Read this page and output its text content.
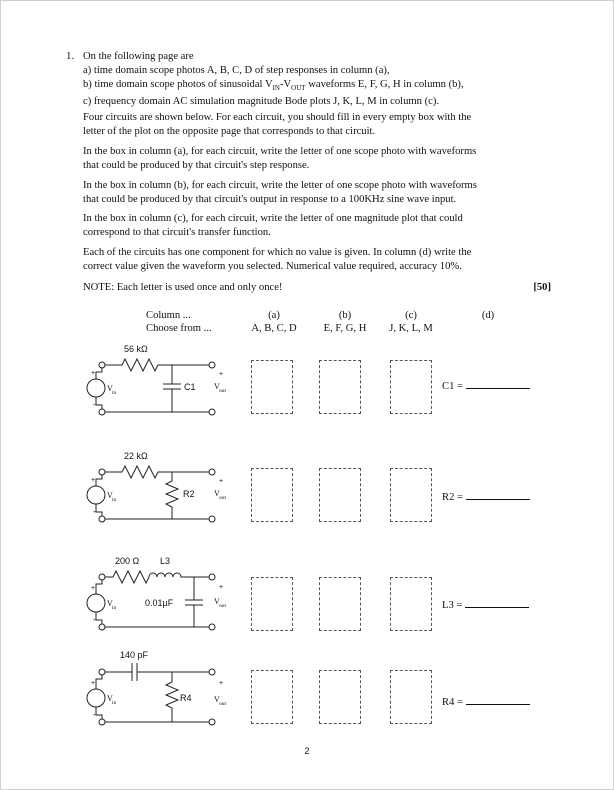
1. On the following page are
a) time domain scope photos A, B, C, D of step responses in column (a),
b) time domain scope photos of sinusoidal $V_{IN}-V_{OUT}$ waveforms E, F, G, H in column (b),
c) frequency domain AC simulation magnitude Bode plots J, K, L, M in column (c).

Four circuits are shown below. For each circuit, you should fill in every empty box with the
letter of the plot on the opposite page that corresponds to that circuit.

In the box in column (a), for each circuit, write the letter of one scope photo with waveforms
that could be produced by that circuit's step response.

In the box in column (b), for each circuit, write the letter of one scope photo with waveforms
that could be produced by that circuit's output in response to a 100KHz sine wave input.

In the box in column (c), for each circuit, write the letter of one magnitude plot that could
correspond to that circuit's transfer function.

Each of the circuits has one component for which no value is given. In column (d) write the
correct value given the waveform you selected. Numerical value required, accuracy 10%.

NOTE: Each letter is used once and only once!	[50]
Column ...
Choose from ...
(a)
A, B, C, D
(b)
E, F, G, H
(c)
J, K, L, M
(d)
C1 =
R2 =
L3 =
R4 =
56 kΩ
C1
+
-
V in
+
V out
22 kΩ
R2
+
-
V in
+
V out
200 Ω L3
0.01µF
+
-
V in
+
V out
140 pF
R4
+
-
V in
+
V out
2
